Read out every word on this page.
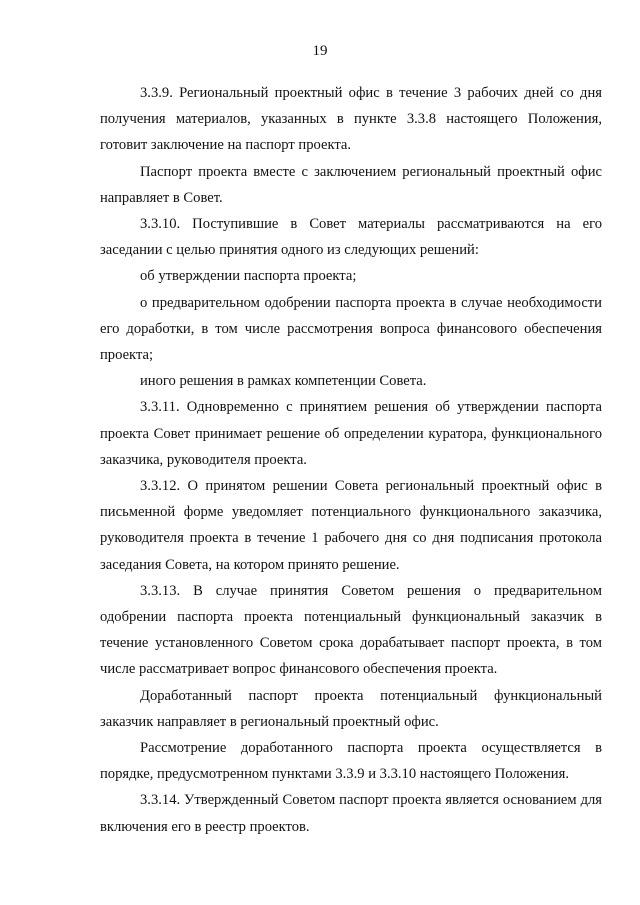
19

3.3.9. Региональный проектный офис в течение 3 рабочих дней со дня получения материалов, указанных в пункте 3.3.8 настоящего Положения, готовит заключение на паспорт проекта.

Паспорт проекта вместе с заключением региональный проектный офис направляет в Совет.

3.3.10. Поступившие в Совет материалы рассматриваются на его заседании с целью принятия одного из следующих решений:

об утверждении паспорта проекта;

о предварительном одобрении паспорта проекта в случае необходимости его доработки, в том числе рассмотрения вопроса финансового обеспечения проекта;

иного решения в рамках компетенции Совета.

3.3.11. Одновременно с принятием решения об утверждении паспорта проекта Совет принимает решение об определении куратора, функционального заказчика, руководителя проекта.

3.3.12. О принятом решении Совета региональный проектный офис в письменной форме уведомляет потенциального функционального заказчика, руководителя проекта в течение 1 рабочего дня со дня подписания протокола заседания Совета, на котором принято решение.

3.3.13. В случае принятия Советом решения о предварительном одобрении паспорта проекта потенциальный функциональный заказчик в течение установленного Советом срока дорабатывает паспорт проекта, в том числе рассматривает вопрос финансового обеспечения проекта.

Доработанный паспорт проекта потенциальный функциональный заказчик направляет в региональный проектный офис.

Рассмотрение доработанного паспорта проекта осуществляется в порядке, предусмотренном пунктами 3.3.9 и 3.3.10 настоящего Положения.

3.3.14. Утвержденный Советом паспорт проекта является основанием для включения его в реестр проектов.
